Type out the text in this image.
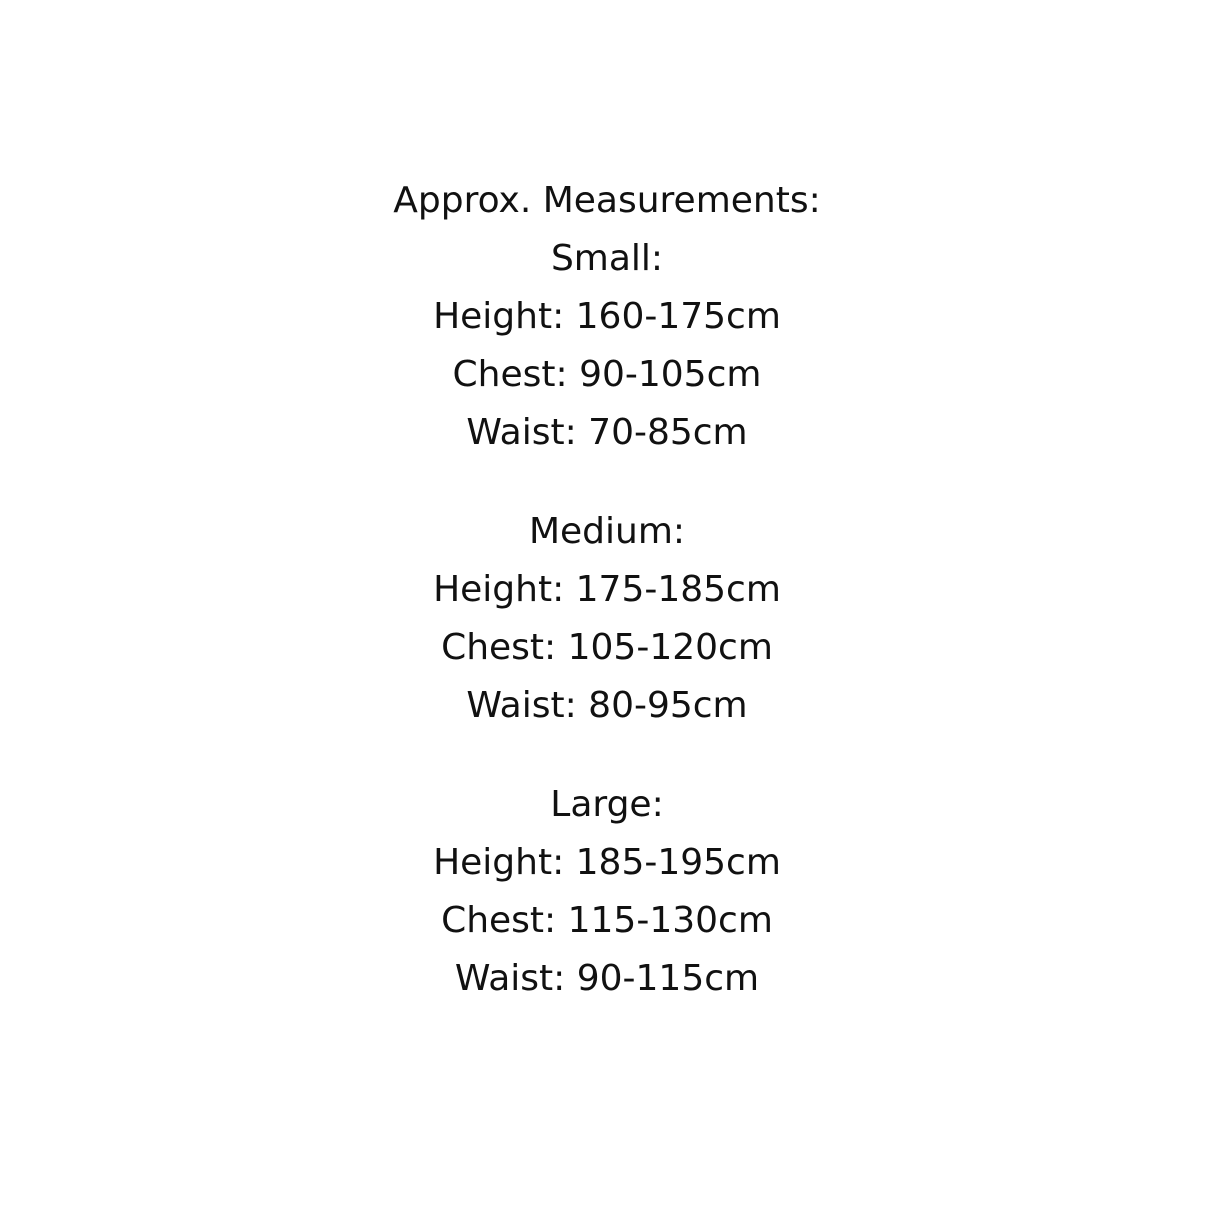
Approx. Measurements:
Small:
Height: 160-175cm
Chest: 90-105cm
Waist: 70-85cm
Medium:
Height: 175-185cm
Chest: 105-120cm
Waist: 80-95cm
Large:
Height: 185-195cm
Chest: 115-130cm
Waist: 90-115cm
